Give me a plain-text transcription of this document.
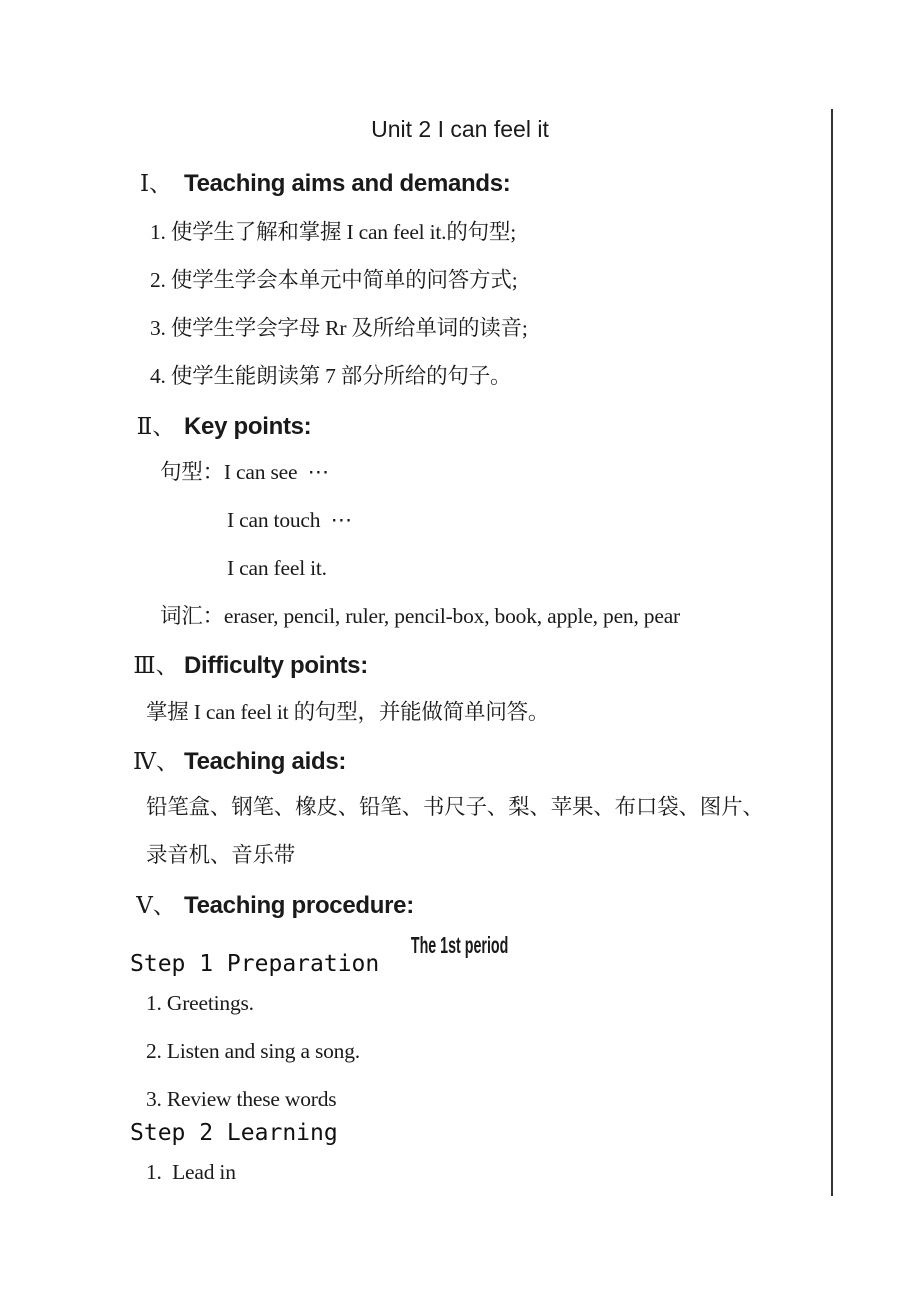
Unit 2 I can feel it
Ⅰ、 Teaching aims and demands:
1. 使学生了解和掌握 I can feel it.的句型;
2. 使学生学会本单元中简单的问答方式;
3. 使学生学会字母 Rr 及所给单词的读音;
4. 使学生能朗读第 7 部分所给的句子。
Ⅱ、 Key points:
句型：I can see  ⋯
I can touch  ⋯
I can feel it.
词汇：eraser, pencil, ruler, pencil-box, book, apple, pen, pear
Ⅲ、 Difficulty points:
掌握 I can feel it 的句型，并能做简单问答。
Ⅳ、 Teaching aids:
铅笔盒、钢笔、橡皮、铅笔、书尺子、梨、苹果、布口袋、图片、
录音机、音乐带
Ⅴ、 Teaching procedure:
The 1st period
Step 1 Preparation
1. Greetings.
2. Listen and sing a song.
3. Review these words
Step 2 Learning
1.  Lead in
